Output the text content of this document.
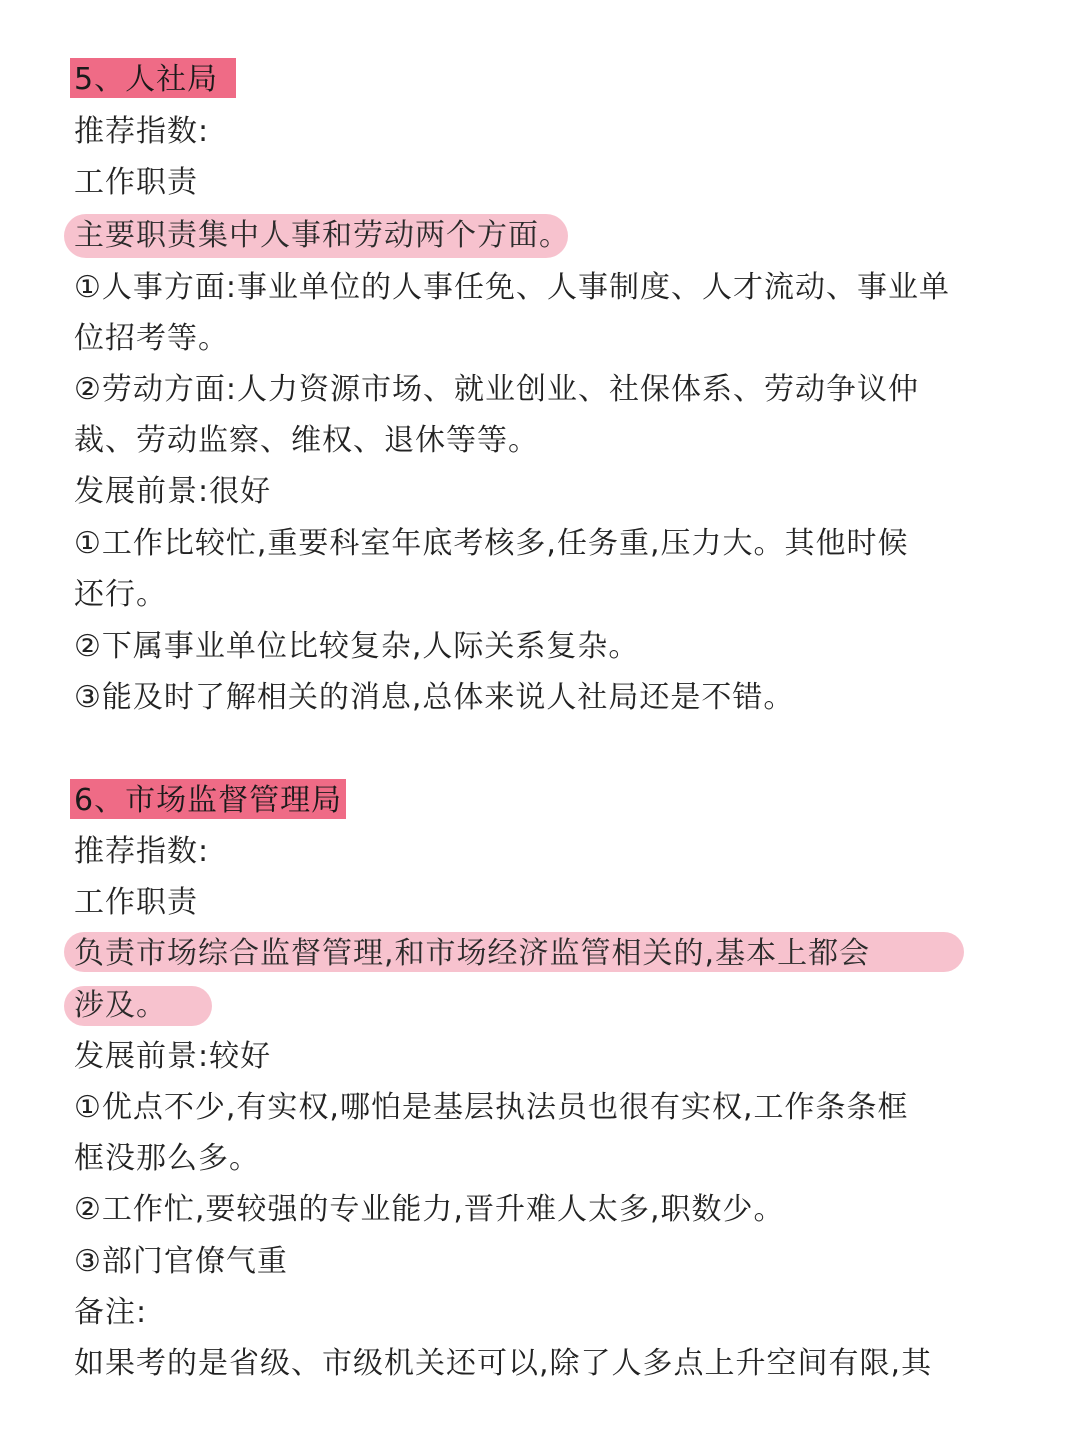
5、人社局
推荐指数:
工作职责
主要职责集中人事和劳动两个方面。
①人事方面:事业单位的人事任免、人事制度、人才流动、事业单
位招考等。
②劳动方面:人力资源市场、就业创业、社保体系、劳动争议仲
裁、劳动监察、维权、退休等等。
发展前景:很好
①工作比较忙,重要科室年底考核多,任务重,压力大。其他时候
还行。
②下属事业单位比较复杂,人际关系复杂。
③能及时了解相关的消息,总体来说人社局还是不错。
6、市场监督管理局
推荐指数:
工作职责
负责市场综合监督管理,和市场经济监管相关的,基本上都会
涉及。
发展前景:较好
①优点不少,有实权,哪怕是基层执法员也很有实权,工作条条框
框没那么多。
②工作忙,要较强的专业能力,晋升难人太多,职数少。
③部门官僚气重
备注:
如果考的是省级、市级机关还可以,除了人多点上升空间有限,其
